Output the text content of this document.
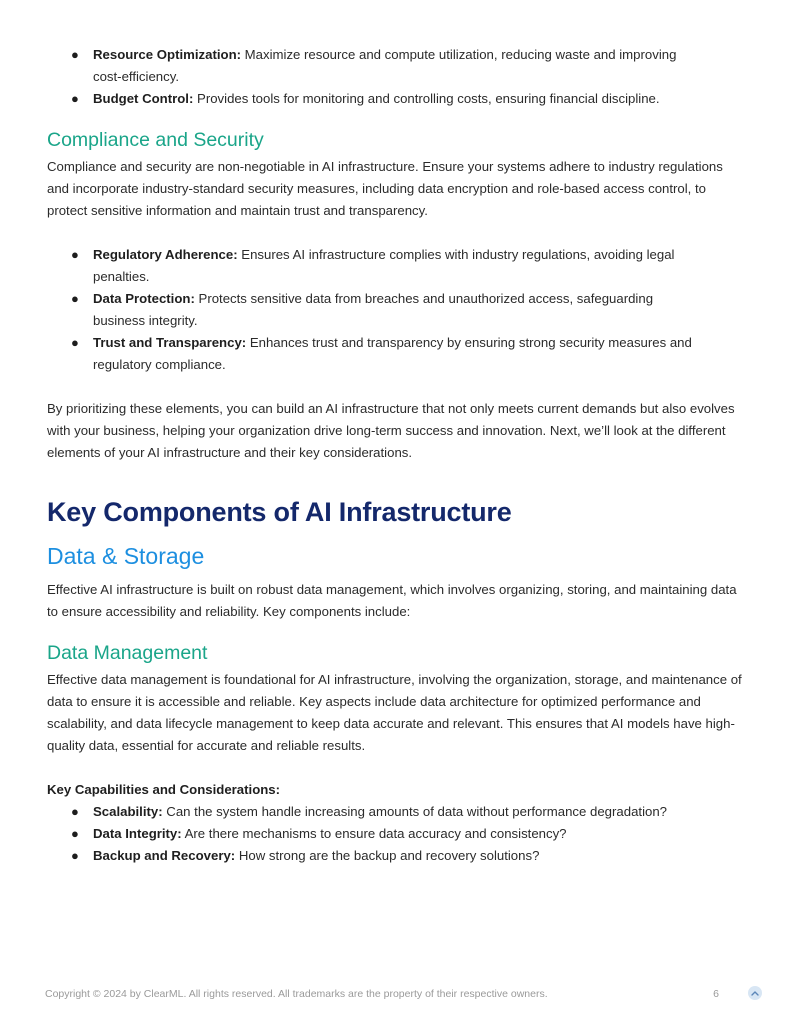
● Resource Optimization: Maximize resource and compute utilization, reducing waste and improving cost-efficiency.
● Budget Control: Provides tools for monitoring and controlling costs, ensuring financial discipline.
Compliance and Security

Compliance and security are non-negotiable in AI infrastructure. Ensure your systems adhere to industry regulations and incorporate industry-standard security measures, including data encryption and role-based access control, to protect sensitive information and maintain trust and transparency.

● Regulatory Adherence: Ensures AI infrastructure complies with industry regulations, avoiding legal penalties.
● Data Protection: Protects sensitive data from breaches and unauthorized access, safeguarding business integrity.
● Trust and Transparency: Enhances trust and transparency by ensuring strong security measures and regulatory compliance.

By prioritizing these elements, you can build an AI infrastructure that not only meets current demands but also evolves with your business, helping your organization drive long-term success and innovation. Next, we’ll look at the different elements of your AI infrastructure and their key considerations.

Key Components of AI Infrastructure
Data & Storage

Effective AI infrastructure is built on robust data management, which involves organizing, storing, and maintaining data to ensure accessibility and reliability. Key components include:

Data Management

Effective data management is foundational for AI infrastructure, involving the organization, storage, and maintenance of data to ensure it is accessible and reliable. Key aspects include data architecture for optimized performance and scalability, and data lifecycle management to keep data accurate and relevant. This ensures that AI models have high-quality data, essential for accurate and reliable results.

Key Capabilities and Considerations:

● Scalability: Can the system handle increasing amounts of data without performance degradation?
● Data Integrity: Are there mechanisms to ensure data accuracy and consistency?
● Backup and Recovery: How strong are the backup and recovery solutions?
Copyright © 2024 by ClearML. All rights reserved. All trademarks are the property of their respective owners.	6
